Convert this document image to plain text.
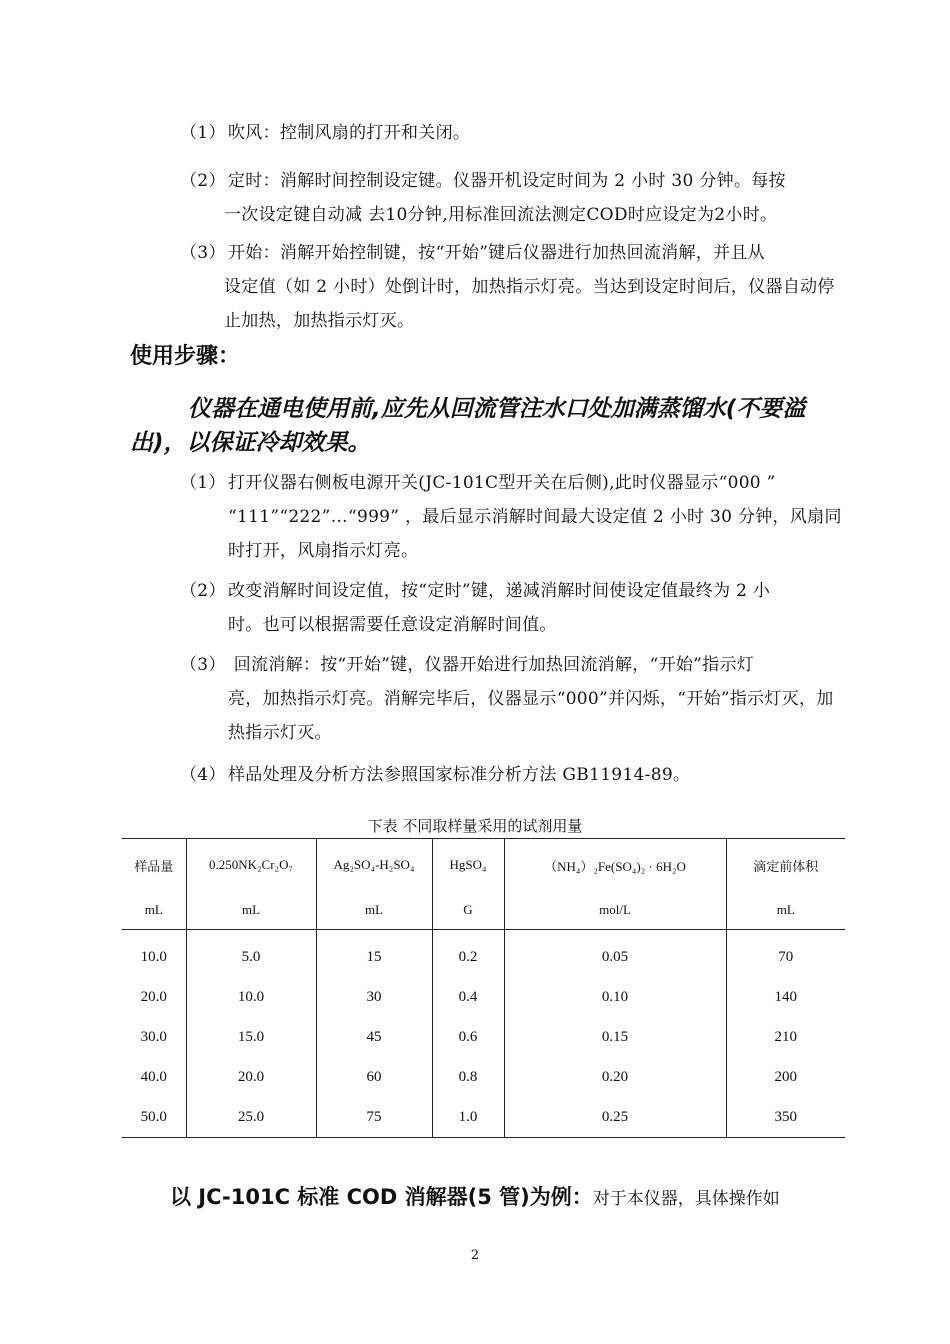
（1） 吹风：控制风扇的打开和关闭。
（2） 定时：消解时间控制设定键。仪器开机设定时间为 2 小时 30 分钟。每按
一次设定键自动减 去10分钟,用标准回流法测定COD时应设定为2小时。
（3） 开始：消解开始控制键，按“开始”键后仪器进行加热回流消解，并且从
设定值（如 2 小时）处倒计时，加热指示灯亮。当达到设定时间后，仪器自动停止加热，加热指示灯灭。
使用步骤：
仪器在通电使用前,应先从回流管注水口处加满蒸馏水(不要溢出)，以保证冷却效果。
（1） 打开仪器右侧板电源开关(JC-101C型开关在后侧),此时仪器显示“000 ”
“111”“222”…“999” ，最后显示消解时间最大设定值 2 小时 30 分钟，风扇同时打开，风扇指示灯亮。
（2） 改变消解时间设定值，按“定时”键，递减消解时间使设定值最终为 2 小
时。也可以根据需要任意设定消解时间值。
（3） 回流消解：按“开始”键，仪器开始进行加热回流消解，“开始”指示灯
亮，加热指示灯亮。消解完毕后，仪器显示“000”并闪烁，“开始”指示灯灭，加热指示灯灭。
（4） 样品处理及分析方法参照国家标准分析方法 GB11914-89。
下表 不同取样量采用的试剂用量
样品量	0.250NK₂Cr₂O₇	Ag₂SO₄-H₂SO₄	HgSO₄	（NH₄）₂Fe(SO₄)₂ · 6H₂O	滴定前体积
mL	mL	mL	G	mol/L	mL
10.0	5.0	15	0.2	0.05	70
20.0	10.0	30	0.4	0.10	140
30.0	15.0	45	0.6	0.15	210
40.0	20.0	60	0.8	0.20	200
50.0	25.0	75	1.0	0.25	350
以 JC-101C 标准 COD 消解器(5 管)为例：对于本仪器，具体操作如
2
